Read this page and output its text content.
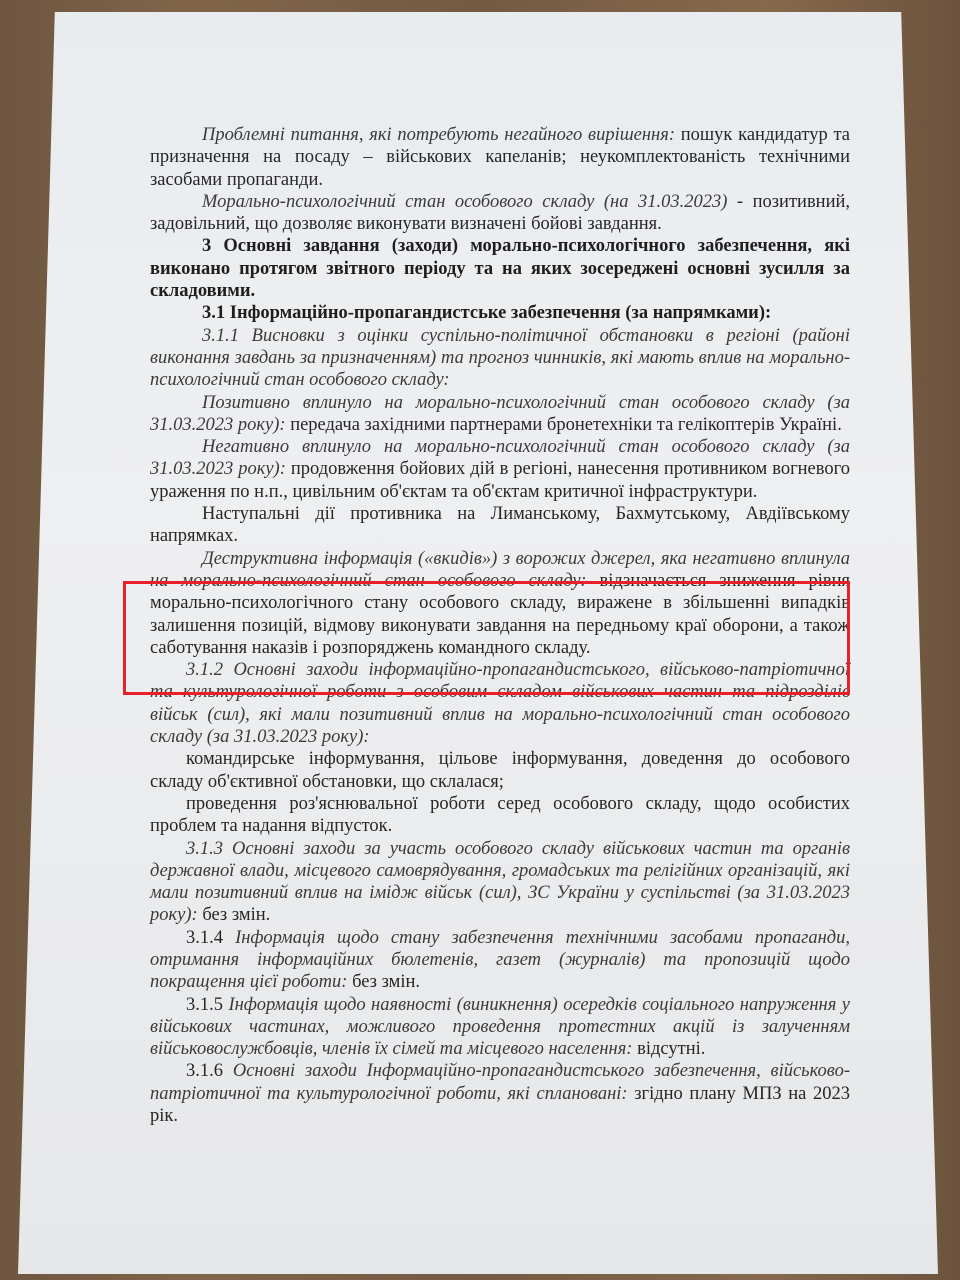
Проблемні питання, які потребують негайного вирішення: пошук кандидатур та призначення на посаду – військових капеланів; неукомплектованість технічними засобами пропаганди.

Морально-психологічний стан особового складу (на 31.03.2023) - позитивний, задовільний, що дозволяє виконувати визначені бойові завдання.

3 Основні завдання (заходи) морально-психологічного забезпечення, які виконано протягом звітного періоду та на яких зосереджені основні зусилля за складовими.

3.1 Інформаційно-пропагандистське забезпечення (за напрямками):

3.1.1 Висновки з оцінки суспільно-політичної обстановки в регіоні (районі виконання завдань за призначенням) та прогноз чинників, які мають вплив на морально-психологічний стан особового складу:

Позитивно вплинуло на морально-психологічний стан особового складу (за 31.03.2023 року): передача західними партнерами бронетехніки та гелікоптерів Україні.

Негативно вплинуло на морально-психологічний стан особового складу (за 31.03.2023 року): продовження бойових дій в регіоні, нанесення противником вогневого ураження по н.п., цивільним об'єктам та об'єктам критичної інфраструктури.

Наступальні дії противника на Лиманському, Бахмутському, Авдіївському напрямках.

Деструктивна інформація («вкидів») з ворожих джерел, яка негативно вплинула на морально-психологічний стан особового складу: відзначається зниження рівня морально-психологічного стану особового складу, виражене в збільшенні випадків залишення позицій, відмову виконувати завдання на передньому краї оборони, а також саботування наказів і розпоряджень командного складу.

3.1.2 Основні заходи інформаційно-пропагандистського, військово-патріотичної та культурологічної роботи з особовим складом військових частин та підрозділів військ (сил), які мали позитивний вплив на морально-психологічний стан особового складу (за 31.03.2023 року):

командирське інформування, цільове інформування, доведення до особового складу об'єктивної обстановки, що склалася;

проведення роз'яснювальної роботи серед особового складу, щодо особистих проблем та надання відпусток.

3.1.3 Основні заходи за участь особового складу військових частин та органів державної влади, місцевого самоврядування, громадських та релігійних організацій, які мали позитивний вплив на імідж військ (сил), ЗС України у суспільстві (за 31.03.2023 року): без змін.

3.1.4 Інформація щодо стану забезпечення технічними засобами пропаганди, отримання інформаційних бюлетенів, газет (журналів) та пропозицій щодо покращення цієї роботи: без змін.

3.1.5 Інформація щодо наявності (виникнення) осередків соціального напруження у військових частинах, можливого проведення протестних акцій із залученням військовослужбовців, членів їх сімей та місцевого населення: відсутні.

3.1.6 Основні заходи Інформаційно-пропагандистського забезпечення, військово-патріотичної та культурологічної роботи, які сплановані: згідно плану МПЗ на 2023 рік.
